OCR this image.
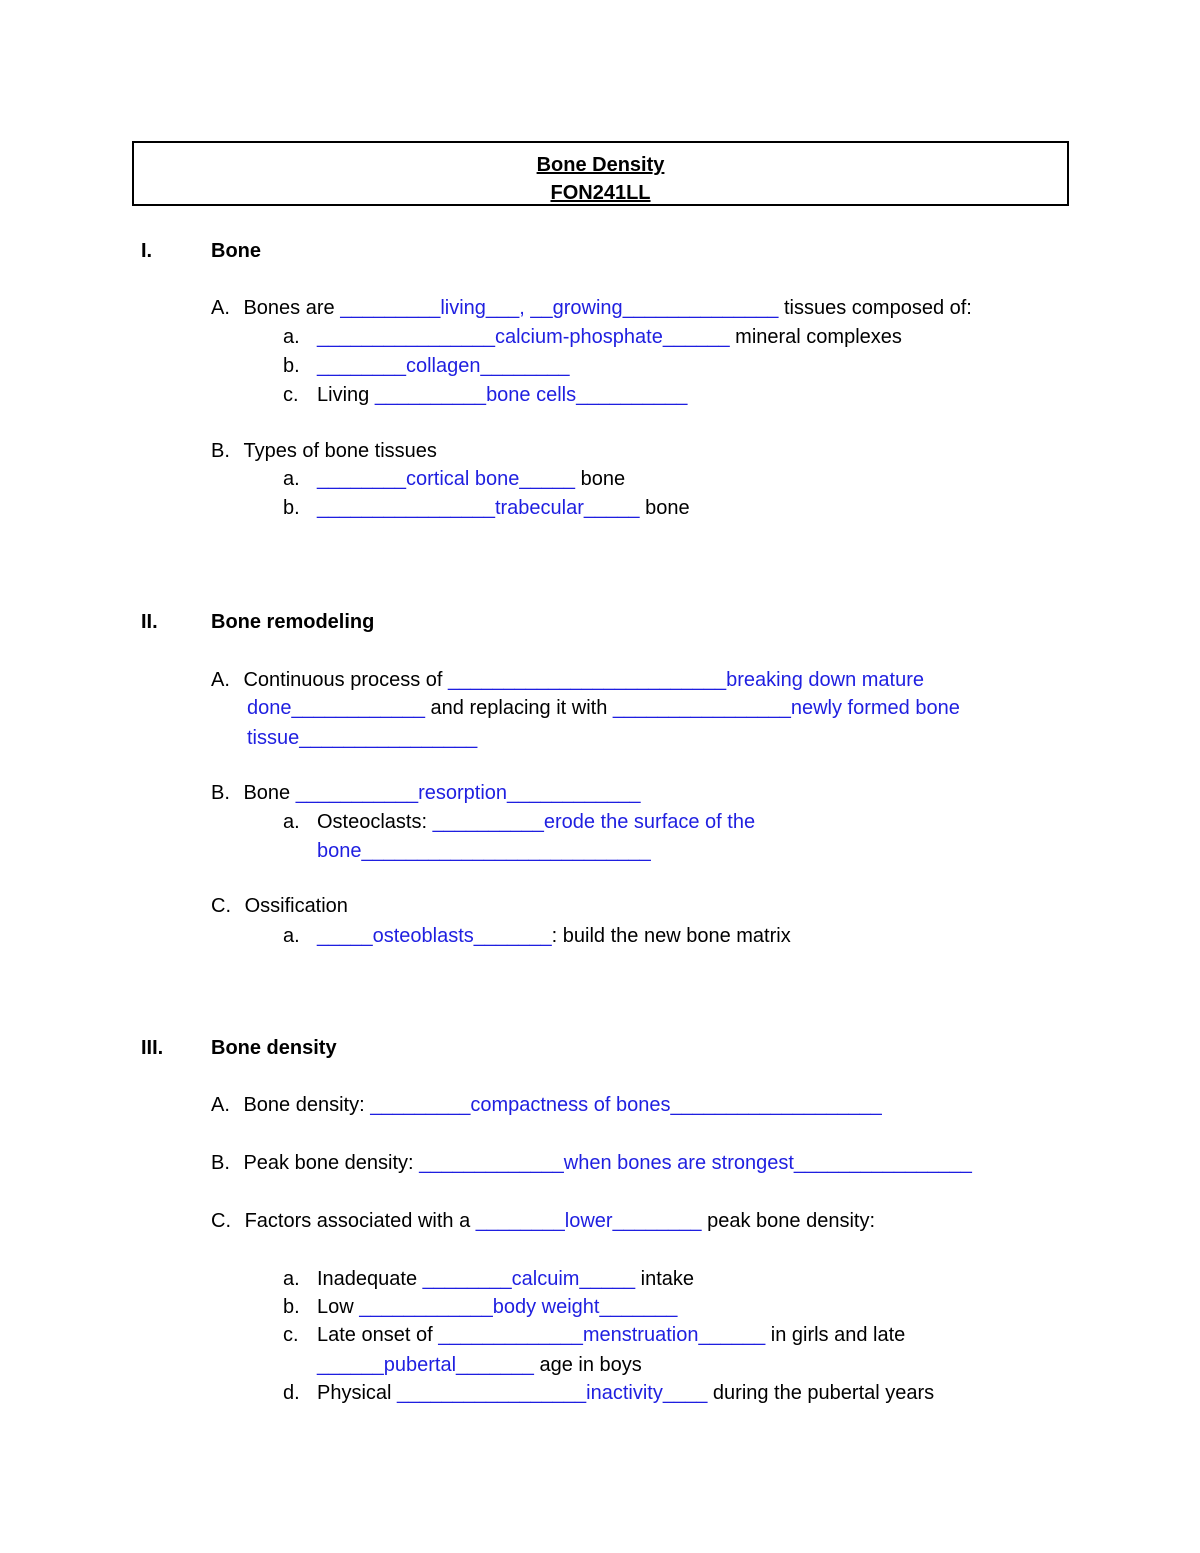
Bone Density
FON241LL
I.	Bone
A. Bones are _________living___, __growing______________ tissues composed of:
a. ________________calcium-phosphate______ mineral complexes
b. ________collagen________
c. Living __________bone cells__________
B. Types of bone tissues
a. ________cortical bone_____ bone
b. ________________trabecular_____ bone
II.	Bone remodeling
A. Continuous process of _________________________breaking down mature
done____________ and replacing it with ________________newly formed bone
tissue________________
B. Bone ___________resorption____________
a. Osteoclasts: __________erode the surface of the
bone__________________________
C. Ossification
a. _____osteoblasts_______: build the new bone matrix
III. Bone density
A. Bone density: _________compactness of bones___________________
B. Peak bone density: _____________when bones are strongest________________
C. Factors associated with a ________lower________ peak bone density:
a. Inadequate ________calcuim_____ intake
b. Low ____________body weight_______
c. Late onset of _____________menstruation______ in girls and late
______pubertal_______ age in boys
d. Physical _________________inactivity____ during the pubertal years
